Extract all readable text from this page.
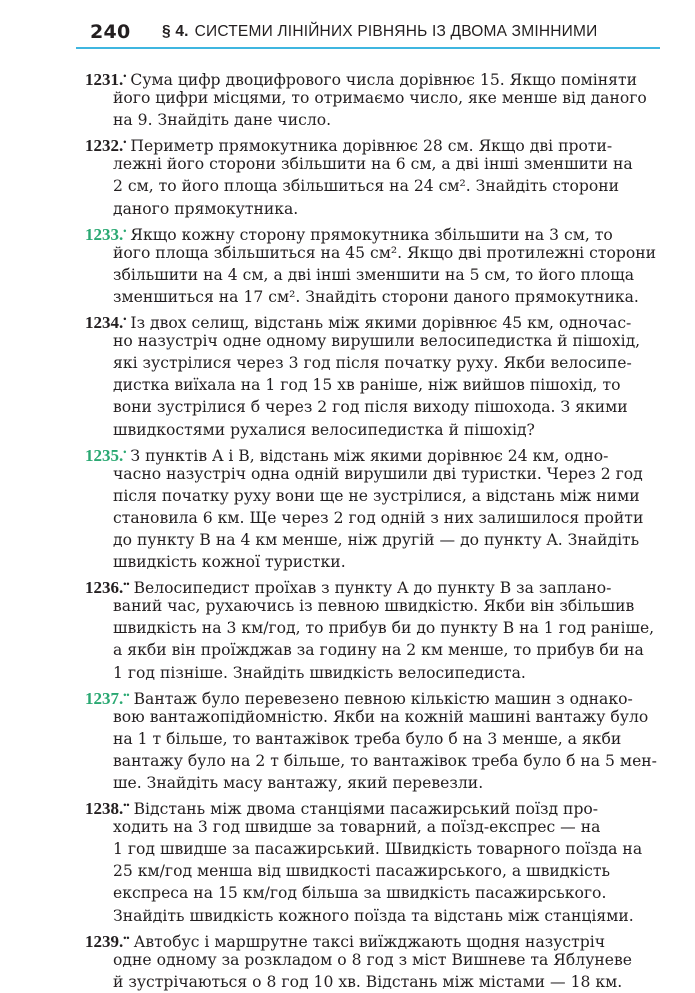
240 § 4. СИСТЕМИ ЛІНІЙНИХ РІВНЯНЬ ІЗ ДВОМА ЗМІННИМИ
1231.• Сума цифр двоцифрового числа дорівнює 15. Якщо поміняти
його цифри місцями, то отримаємо число, яке менше від даного
на 9. Знайдіть дане число.
1232.• Периметр прямокутника дорівнює 28 см. Якщо дві проти-
лежні його сторони збільшити на 6 см, а дві інші зменшити на
2 см, то його площа збільшиться на 24 см². Знайдіть сторони
даного прямокутника.
1233.• Якщо кожну сторону прямокутника збільшити на 3 см, то
його площа збільшиться на 45 см². Якщо дві протилежні сторони
збільшити на 4 см, а дві інші зменшити на 5 см, то його площа
зменшиться на 17 см². Знайдіть сторони даного прямокутника.
1234.• Із двох селищ, відстань між якими дорівнює 45 км, одночас-
но назустріч одне одному вирушили велосипедистка й пішохід,
які зустрілися через 3 год після початку руху. Якби велосипе-
дистка виїхала на 1 год 15 хв раніше, ніж вийшов пішохід, то
вони зустрілися б через 2 год після виходу пішохода. З якими
швидкостями рухалися велосипедистка й пішохід?
1235.• З пунктів A і B, відстань між якими дорівнює 24 км, одно-
часно назустріч одна одній вирушили дві туристки. Через 2 год
після початку руху вони ще не зустрілися, а відстань між ними
становила 6 км. Ще через 2 год одній з них залишилося пройти
до пункту B на 4 км менше, ніж другій — до пункту A. Знайдіть
швидкість кожної туристки.
1236.•• Велосипедист проїхав з пункту A до пункту B за заплано-
ваний час, рухаючись із певною швидкістю. Якби він збільшив
швидкість на 3 км/год, то прибув би до пункту B на 1 год раніше,
а якби він проїжджав за годину на 2 км менше, то прибув би на
1 год пізніше. Знайдіть швидкість велосипедиста.
1237.•• Вантаж було перевезено певною кількістю машин з однако-
вою вантажопідйомністю. Якби на кожній машині вантажу було
на 1 т більше, то вантажівок треба було б на 3 менше, а якби
вантажу було на 2 т більше, то вантажівок треба було б на 5 мен-
ше. Знайдіть масу вантажу, який перевезли.
1238.•• Відстань між двома станціями пасажирський поїзд про-
ходить на 3 год швидше за товарний, а поїзд-експрес — на
1 год швидше за пасажирський. Швидкість товарного поїзда на
25 км/год менша від швидкості пасажирського, а швидкість
експреса на 15 км/год більша за швидкість пасажирського.
Знайдіть швидкість кожного поїзда та відстань між станціями.
1239.•• Автобус і маршрутне таксі виїжджають щодня назустріч
одне одному за розкладом о 8 год з міст Вишневе та Яблуневе
й зустрічаються о 8 год 10 хв. Відстань між містами — 18 км.
